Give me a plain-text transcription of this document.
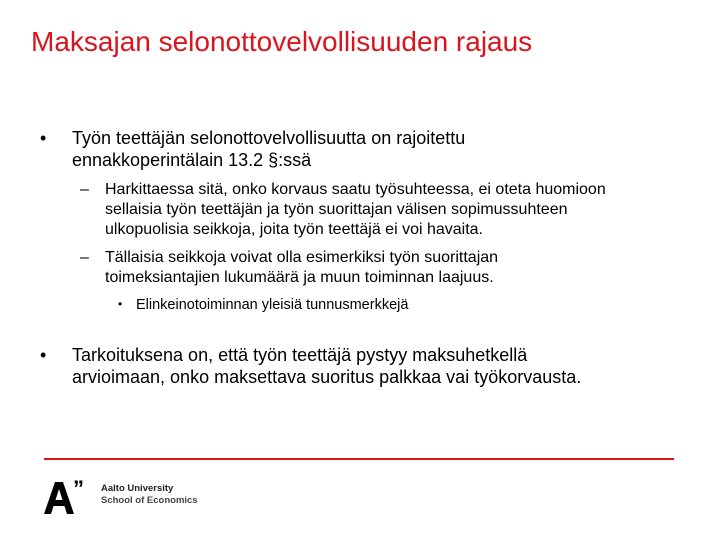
Maksajan selonottovelvollisuuden rajaus
• Työn teettäjän selonottovelvollisuutta on rajoitettu
ennakkoperintälain 13.2 §:ssä
– Harkittaessa sitä, onko korvaus saatu työsuhteessa, ei oteta huomioon
sellaisia työn teettäjän ja työn suorittajan välisen sopimussuhteen
ulkopuolisia seikkoja, joita työn teettäjä ei voi havaita.
– Tällaisia seikkoja voivat olla esimerkiksi työn suorittajan
toimeksiantajien lukumäärä ja muun toiminnan laajuus.
• Elinkeinotoiminnan yleisiä tunnusmerkkejä
• Tarkoituksena on, että työn teettäjä pystyy maksuhetkellä
arvioimaan, onko maksettava suoritus palkkaa vai työkorvausta.
” Aalto University
School of Economics
